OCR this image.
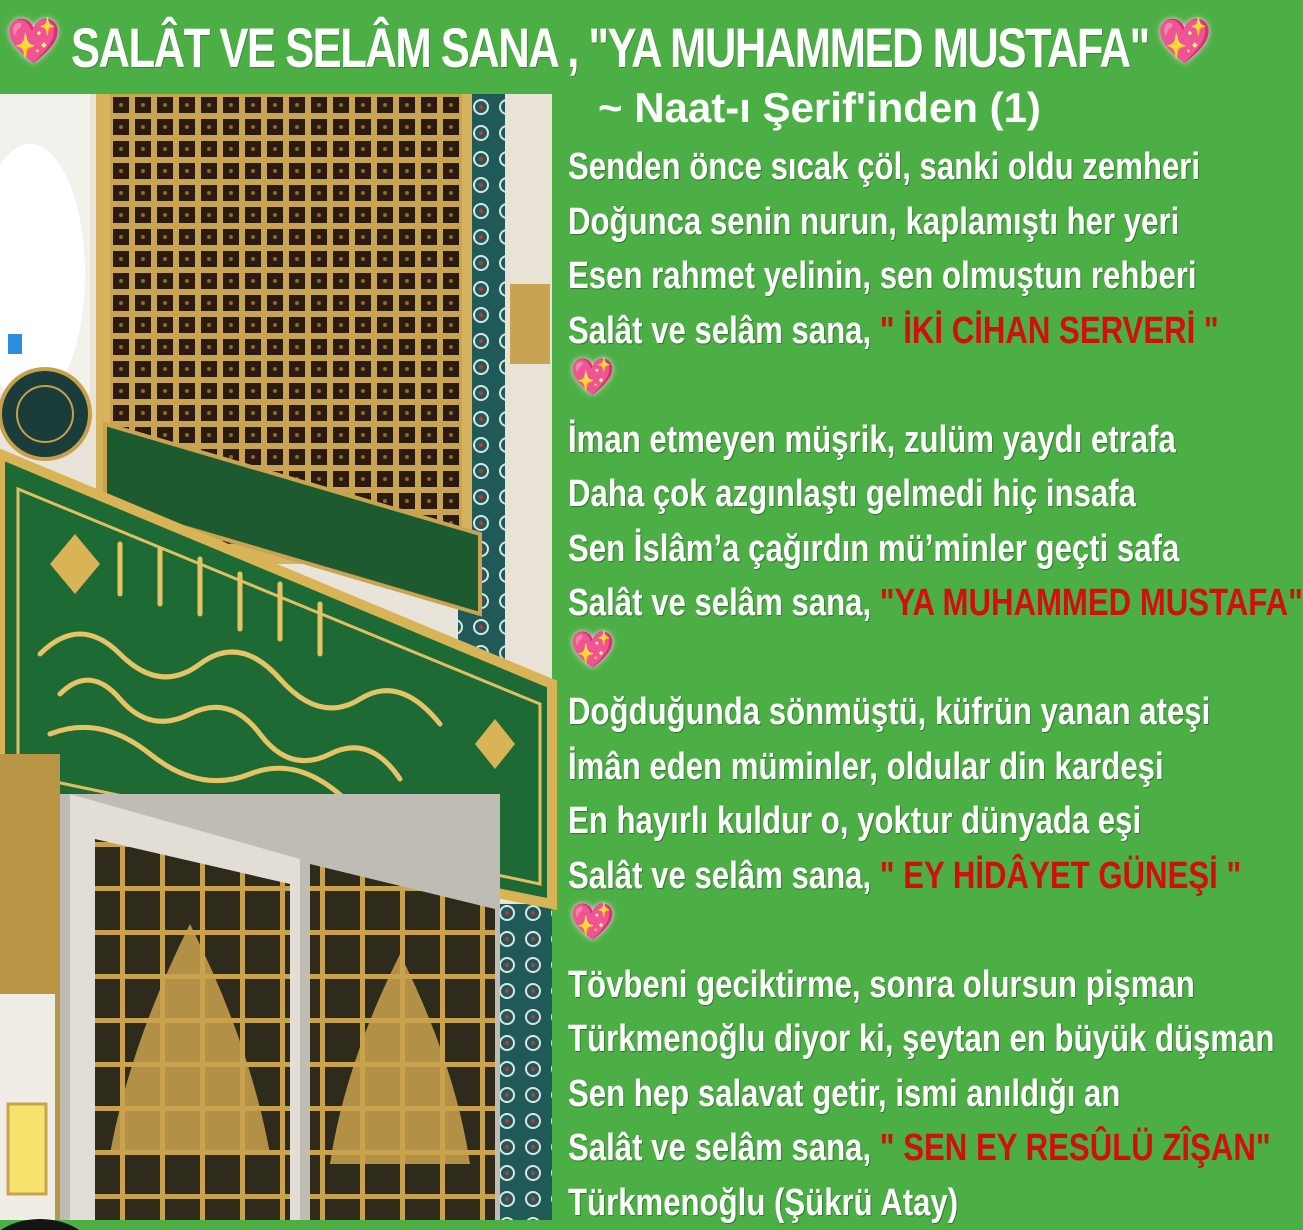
💖 SALÂT VE SELÂM SANA , "YA MUHAMMED MUSTAFA" 💖
~ Naat-ı Şerif'inden (1)
Senden önce sıcak çöl, sanki oldu zemheri
Doğunca senin nurun, kaplamıştı her yeri
Esen rahmet yelinin, sen olmuştun rehberi
Salât ve selâm sana, " İKİ CİHAN SERVERİ "
💖
İman etmeyen müşrik, zulüm yaydı etrafa
Daha çok azgınlaştı gelmedi hiç insafa
Sen İslâm’a çağırdın mü’minler geçti safa
Salât ve selâm sana, "YA MUHAMMED MUSTAFA"
💖
Doğduğunda sönmüştü, küfrün yanan ateşi
İmân eden müminler, oldular din kardeşi
En hayırlı kuldur o, yoktur dünyada eşi
Salât ve selâm sana, " EY HİDÂYET GÜNEŞİ "
💖
Tövbeni geciktirme, sonra olursun pişman
Türkmenoğlu diyor ki, şeytan en büyük düşman
Sen hep salavat getir, ismi anıldığı an
Salât ve selâm sana, " SEN EY RESÛLÜ ZÎŞAN"
Türkmenoğlu (Şükrü Atay)
